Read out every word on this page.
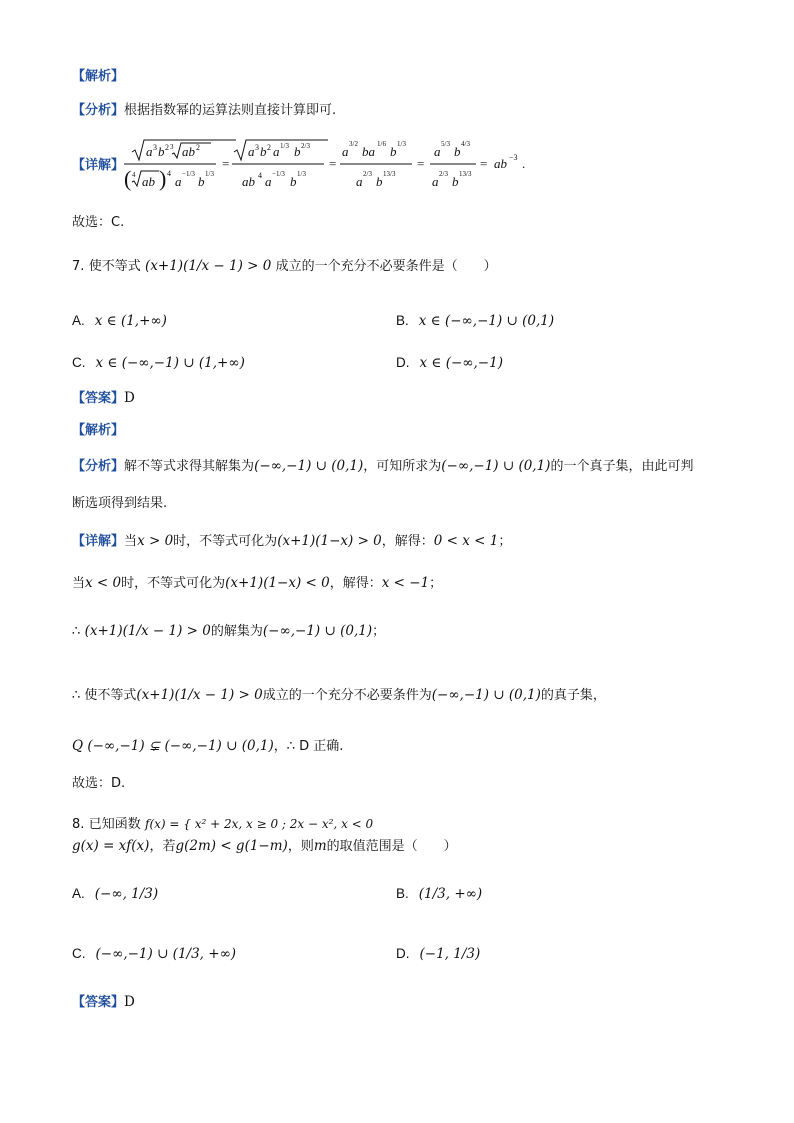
【 解析 】
【 分析 】 根据指数幂的运算法则直接计算即可.
【 详解 】
a 3 b 2 3 ab 2
( 4 ab ) 4
a −1/3 b 1/3
=
a 3 b 2 a 1/3 b 2/3
ab 4 a −1/3 b 1/3
=
a 3/2 ba 1/6 b 1/3
a 2/3 b 13/3
=
a 5/3 b 4/3
a 2/3 b 13/3
= ab −3 .
故选：C.
7. 使不等式 (x+1)(1/x − 1) > 0 成立的一个充分不必要条件是（　　）
A. x ∈ (1,+∞)	B. x ∈ (−∞,−1) ∪ (0,1)
C. x ∈ (−∞,−1) ∪ (1,+∞)	D. x ∈ (−∞,−1)
【 答案 】 D
【 解析 】
【 分析 】 解不等式求得其解集为(−∞,−1) ∪ (0,1)，可知所求为(−∞,−1) ∪ (0,1)的一个真子集，由此可判
断选项得到结果.
【 详解 】 当x > 0时，不等式可化为(x+1)(1−x) > 0，解得：0 < x < 1；
当x < 0时，不等式可化为(x+1)(1−x) < 0，解得：x < −1；
∴ (x+1)(1/x − 1) > 0的解集为(−∞,−1) ∪ (0,1)；
∴ 使不等式(x+1)(1/x − 1) > 0成立的一个充分不必要条件为(−∞,−1) ∪ (0,1)的真子集，
Q (−∞,−1) ⊊ (−∞,−1) ∪ (0,1)，∴ D 正确.
故选：D.
8. 已知函数 f(x) = { x² + 2x, x ≥ 0 ; 2x − x², x < 0
g(x) = xf(x)，若g(2m) < g(1−m)，则m的取值范围是（　　）
A. (−∞, 1/3)	B. (1/3, +∞)
C. (−∞,−1) ∪ (1/3, +∞)	D. (−1, 1/3)
【 答案 】 D
